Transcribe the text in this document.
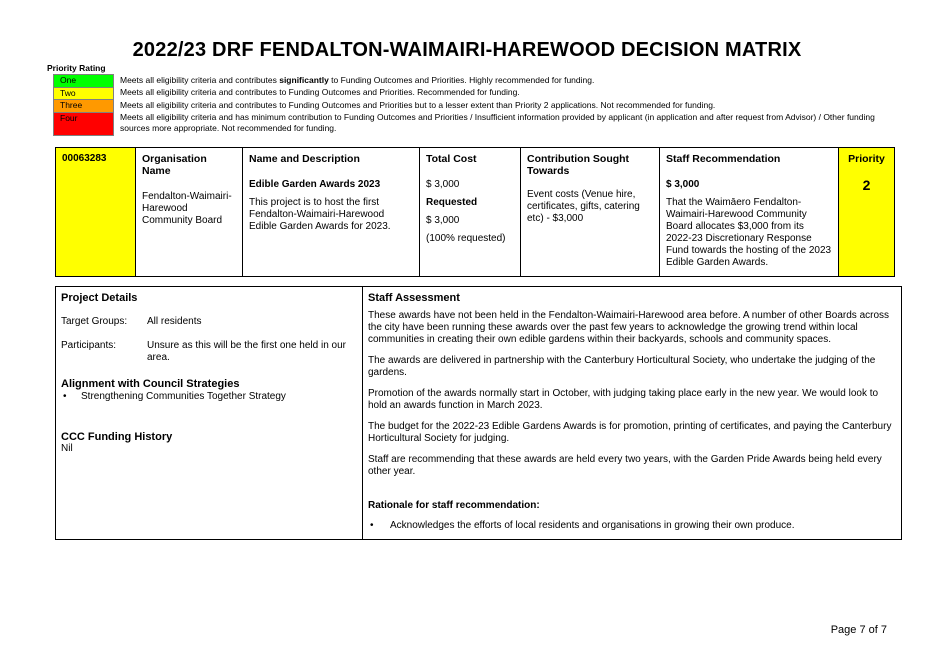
2022/23 DRF FENDALTON-WAIMAIRI-HAREWOOD DECISION MATRIX
Priority Rating
One	Meets all eligibility criteria and contributes significantly to Funding Outcomes and Priorities. Highly recommended for funding.
Two	Meets all eligibility criteria and contributes to Funding Outcomes and Priorities. Recommended for funding.
Three	Meets all eligibility criteria and contributes to Funding Outcomes and Priorities but to a lesser extent than Priority 2 applications. Not recommended for funding.
Four	Meets all eligibility criteria and has minimum contribution to Funding Outcomes and Priorities / Insufficient information provided by applicant (in application and after request from Advisor) / Other funding sources more appropriate. Not recommended for funding.
00063283	Organisation Name
Fendalton-Waimairi-Harewood Community Board

Name and Description
Edible Garden Awards 2023
This project is to host the first Fendalton-Waimairi-Harewood Edible Garden Awards for 2023.

Total Cost
$ 3,000
Requested
$ 3,000
(100% requested)

Contribution Sought Towards
Event costs (Venue hire, certificates, gifts, catering etc) - $3,000

Staff Recommendation
$ 3,000
That the Waimāero Fendalton-Waimairi-Harewood Community Board allocates $3,000 from its 2022-23 Discretionary Response Fund towards the hosting of the 2023 Edible Garden Awards.

Priority
2
Project Details
Target Groups:	All residents
Participants:	Unsure as this will be the first one held in our area.
Alignment with Council Strategies
•	Strengthening Communities Together Strategy
CCC Funding History
Nil
Staff Assessment

These awards have not been held in the Fendalton-Waimairi-Harewood area before. A number of other Boards across the city have been running these awards over the past few years to acknowledge the growing trend within local communities in creating their own edible gardens within their backyards, schools and community spaces.

The awards are delivered in partnership with the Canterbury Horticultural Society, who undertake the judging of the gardens.

Promotion of the awards normally start in October, with judging taking place early in the new year. We would look to hold an awards function in March 2023.

The budget for the 2022-23 Edible Gardens Awards is for promotion, printing of certificates, and paying the Canterbury Horticultural Society for judging.

Staff are recommending that these awards are held every two years, with the Garden Pride Awards being held every other year.

Rationale for staff recommendation:
•	Acknowledges the efforts of local residents and organisations in growing their own produce.
Page 7 of 7
